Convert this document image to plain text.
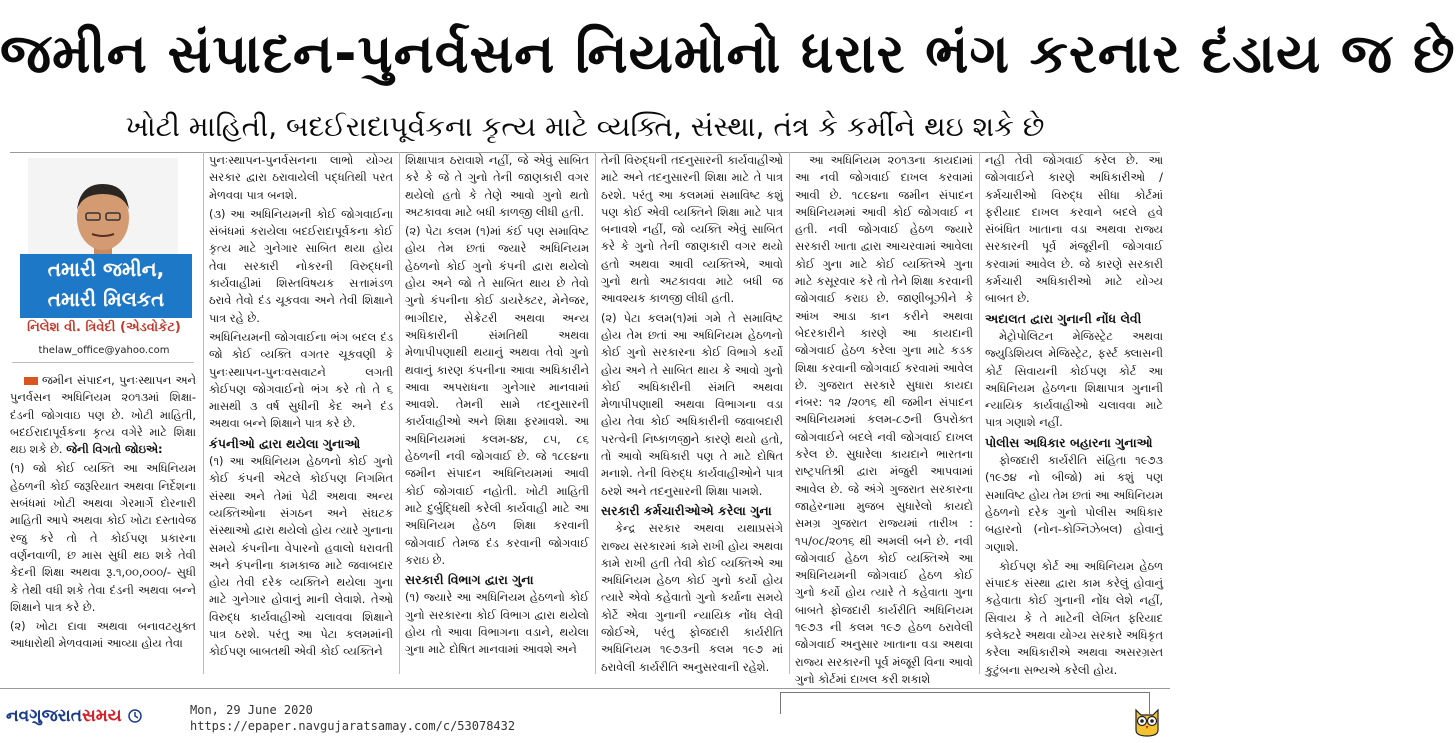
જમીન સંપાદન-પુનર્વસન નિયમોનો ધરાર ભંગ કરનાર દંડાય જ છે
ખોટી માહિતી, બદઈરાદાપૂર્વકના કૃત્ય માટે વ્યક્તિ, સંસ્થા, તંત્ર કે કર્મીને થઇ શકે છે
તમારી જમીન,
તમારી મિલકત
નિલેશ વી. ત્રિવેદી (એડવોકેટ)
thelaw_office@yahoo.com

જમીન સંપાદન, પુનઃસ્થાપન અને પુનર્વસન અધિનિયમ ૨૦૧૩માં શિક્ષા-દંડની જોગવાઇ પણ છે. ખોટી માહિતી, બદઈરાદાપૂર્વકના કૃત્ય વગેરે માટે શિક્ષા થઇ શકે છે. જેની વિગતો જોઇએ:

(૧) જો કોઈ વ્યક્તિ આ અધિનિયમ હેઠળની કોઈ જરૂરિયાત અથવા નિર્દેશના સબંધમાં ખોટી અથવા ગેરમાર્ગે દોરનારી માહિતી આપે અથવા કોઈ ખોટા દસ્તાવેજ રજુ કરે તો તે કોઈપણ પ્રકારના વર્ણનવાળી, છ માસ સુધી થઇ શકે તેવી કેદની શિક્ષા અથવા રૂ.૧,૦૦,૦૦૦/- સુધી કે તેથી વધી શકે તેવા દંડની અથવા બન્ને શિક્ષાને પાત્ર કરે છે.

(૨) ખોટા દાવા અથવા બનાવટયુક્ત આધારોથી મેળવવામાં આવ્યા હોય તેવા

પુનઃસ્થાપન-પુનર્વસનના લાભો યોગ્ય સરકાર દ્વારા ઠરાવાયેલી પદ્ધતિથી પરત મેળવવા પાત્ર બનશે.

(૩) આ અધિનિયમની કોઈ જોગવાઈના સંબંધમાં કરાયેલા બદઈરાદાપૂર્વકના કોઈ કૃત્ય માટે ગુનેગાર સાબિત થયા હોય તેવા સરકારી નોકરની વિરુદ્ધની કાર્યવાહીમાં શિસ્તવિષયક સત્તામંડળ ઠરાવે તેવો દંડ ચૂકવવા અને તેવી શિક્ષાને પાત્ર રહે છે.

અધિનિયમની જોગવાઈના ભંગ બદલ દંડ જો કોઈ વ્યક્તિ વગતર ચૂકવણી કે પુનઃસ્થાપન-પુનઃવસવાટને લગતી કોઈપણ જોગવાઈનો ભંગ કરે તો તે ૬ માસથી ૩ વર્ષ સુધીની કેદ અને દંડ અથવા બન્ને શિક્ષાને પાત્ર કરે છે.

કંપનીઓ દ્વારા થયેલા ગુનાઓ

(૧) આ અધિનિયમ હેઠળનો કોઈ ગુનો કોઈ કંપની એટલે કોઈપણ નિગમિત સંસ્થા અને તેમાં પેઢી અથવા અન્ય વ્યક્તિઓના સંગઠન અને સંઘટક સંસ્થાઓ દ્વારા થયેલો હોય ત્યારે ગુનાના સમયે કંપનીના વેપારનો હવાલો ધરાવતી અને કંપનીના કામકાજ માટે જવાબદાર હોય તેવી દરેક વ્યક્તિને થયેલા ગુના માટે ગુનેગાર હોવાનું માની લેવાશે. તેઓ વિરુદ્ધ કાર્યવાહીઓ ચલાવવા શિક્ષાને પાત્ર ઠરશે. પરંતુ આ પેટા કલમમાંની કોઈપણ બાબતથી એવી કોઈ વ્યક્તિને

શિક્ષાપાત્ર ઠરાવાશે નહીં, જે એવું સાબિત કરે કે જે તે ગુનો તેની જાણકારી વગર થયેલો હતો કે તેણે આવો ગુનો થતો અટકાવવા માટે બધી કાળજી લીધી હતી.

(૨) પેટા કલમ (૧)માં કંઈ પણ સમાવિષ્ટ હોય તેમ છતાં જ્યારે અધિનિયમ હેઠળનો કોઈ ગુનો કંપની દ્વારા થયેલો હોય અને જો તે સાબિત થાય છે તેવો ગુનો કંપનીના કોઈ ડાયરેક્ટર, મેનેજર, ભાગીદાર, સેક્રેટરી અથવા અન્ય અધિકારીની સંમતિથી અથવા મેળાપીપણાથી થયાનું અથવા તેવો ગુનો થવાનું કારણ કંપનીના આવા અધિકારીને આવા અપરાધના ગુનેગાર માનવામાં આવશે. તેમની સામે તદનુસારની કાર્યવાહીઓ અને શિક્ષા ફરમાવશે. આ અધિનિયમમાં કલમ-૪૪, ૮૫, ૮૬ હેઠળની નવી જોગવાઈ છે. જે ૧૮૯૪ના જમીન સંપાદન અધિનિયમમાં આવી કોઈ જોગવાઈ નહોતી. ખોટી માહિતી માટે દુર્બુદ્ધિથી કરેલી કાર્યવાહી માટે આ અધિનિયમ હેઠળ શિક્ષા કરવાની જોગવાઈ તેમજ દંડ કરવાની જોગવાઈ કરાઇ છે.

સરકારી વિભાગ દ્વારા ગુના

(૧) જ્યારે આ અધિનિયમ હેઠળનો કોઈ ગુનો સરકારના કોઈ વિભાગ દ્વારા થયેલો હોય તો આવા વિભાગના વડાને, થયેલા ગુના માટે દોષિત માનવામાં આવશે અને

તેની વિરુદ્ધની તદનુસારની કાર્યવાહીઓ માટે અને તદનુસારની શિક્ષા માટે તે પાત્ર ઠરશે. પરંતુ આ કલમમાં સમાવિષ્ટ કશું પણ કોઈ એવી વ્યક્તિને શિક્ષા માટે પાત્ર બનાવશે નહીં, જો વ્યક્તિ એવું સાબિત કરે કે ગુનો તેની જાણકારી વગર થયો હતો અથવા આવી વ્યક્તિએ, આવો ગુનો થતો અટકાવવા માટે બધી જ આવશ્યક કાળજી લીધી હતી.

(૨) પેટા કલમ(૧)માં ગમે તે સમાવિષ્ટ હોય તેમ છતાં આ અધિનિયમ હેઠળનો કોઈ ગુનો સરકારના કોઈ વિભાગે કર્યો હોય અને તે સાબિત થાય કે આવો ગુનો કોઈ અધિકારીની સંમતિ અથવા મેળાપીપણાથી અથવા વિભાગના વડા હોય તેવા કોઈ અધિકારીની જવાબદારી પરત્વેની નિષ્કાળજીને કારણે થયો હતો, તો આવો અધિકારી પણ તે માટે દોષિત મનાશે. તેની વિરુદ્ધ કાર્યવાહીઓને પાત્ર ઠરશે અને તદનુસારની શિક્ષા પામશે.

સરકારી કર્મચારીઓએ કરેલા ગુના

કેન્દ્ર સરકાર અથવા યથાપ્રસંગે રાજ્ય સરકારમાં કામે રાખી હોય અથવા કામે રાખી હતી તેવી કોઈ વ્યક્તિએ આ અધિનિયમ હેઠળ કોઈ ગુનો કર્યો હોય ત્યારે એવો કહેવાતો ગુનો કર્યાના સમયે કોર્ટે એવા ગુનાની ન્યાયિક નોંધ લેવી જોઈએ, પરંતુ ફોજદારી કાર્યરીતિ અધિનિયમ ૧૯૭૩ની કલમ ૧૯૭ માં ઠરાવેલી કાર્યરીતિ અનુસરવાની રહેશે.

આ અધિનિયમ ૨૦૧૩ના કાયદામાં આ નવી જોગવાઈ દાખલ કરવામાં આવી છે. ૧૮૯૪ના જમીન સંપાદન અધિનિયમમાં આવી કોઈ જોગવાઈ ન હતી. નવી જોગવાઈ હેઠળ જ્યારે સરકારી ખાતા દ્વારા આચરવામાં આવેલા કોઈ ગુના માટે કોઈ વ્યક્તિએ ગુના માટે કસૂરવાર કરે તો તેને શિક્ષા કરવાની જોગવાઈ કરાઇ છે. જાણીબૂઝીને કે આંખ આડા કાન કરીને અથવા બેદરકારીને કારણે આ કાયદાની જોગવાઈ હેઠળ કરેલા ગુના માટે કડક શિક્ષા કરવાની જોગવાઈ કરવામાં આવેલ છે. ગુજરાત સરકારે સુધારા કાયદા નંબર: ૧૨ /૨૦૧૬ થી જમીન સંપાદન અધિનિયમમાં કલમ-૮૭ની ઉપરોક્ત જોગવાઈને બદલે નવી જોગવાઈ દાખલ કરેલ છે. સુધારેલા કાયદાને ભારતના રાષ્ટ્રપતિશ્રી દ્વારા મંજુરી આપવામાં આવેલ છે. જે અંગે ગુજરાત સરકારના જાહેરનામા મુજબ સુધારેલો કાયદો સમગ્ર ગુજરાત રાજ્યમાં તારીખ : ૧૫/૦૮/૨૦૧૬ થી અમલી બને છે. નવી જોગવાઈ હેઠળ કોઈ વ્યક્તિએ આ અધિનિયમની જોગવાઈ હેઠળ કોઈ ગુનો કર્યો હોય ત્યારે તે કહેવાતા ગુના બાબતે ફોજદારી કાર્યરીતિ અધિનિયમ ૧૯૭૩ ની કલમ ૧૯૭ હેઠળ ઠરાવેલી જોગવાઈ અનુસાર ખાતાના વડા અથવા રાજ્ય સરકારની પૂર્વ મંજૂરી વિના આવો ગુનો કોર્ટમાં દાખલ કરી શકાશે

નહી તેવી જોગવાઈ કરેલ છે. આ જોગવાઈને કારણે અધિકારીઓ / કર્મચારીઓ વિરુદ્ધ સીધા કોર્ટમાં ફરીયાદ દાખલ કરવાને બદલે હવે સંબંધિત ખાતાના વડા અથવા રાજ્ય સરકારની પૂર્વ મંજૂરીની જોગવાઈ કરવામાં આવેલ છે. જે કારણે સરકારી કર્મચારી અધિકારીઓ માટે યોગ્ય બાબત છે.

અદાલત દ્વારા ગુનાની નોંધ લેવી

મેટ્રોપોલિટન મેજિસ્ટ્રેટ અથવા જ્યુડિશિયલ મેજિસ્ટ્રેટ, ફર્સ્ટ ક્લાસની કોર્ટ સિવાયની કોઈપણ કોર્ટ આ અધિનિયમ હેઠળના શિક્ષાપાત્ર ગુનાની ન્યાયિક કાર્યવાહીઓ ચલાવવા માટે પાત્ર ગણાશે નહીં.

પોલીસ અધિકાર બહારના ગુનાઓ

ફોજદારી કાર્યરીતિ સંહિતા ૧૯૭૩ (૧૯૭૪ નો બીજો) માં કશું પણ સમાવિષ્ટ હોય તેમ છતાં આ અધિનિયમ હેઠળનો દરેક ગુનો પોલીસ અધિકાર બહારનો (નોન-કોગ્નિઝેબલ) હોવાનું ગણાશે.

કોઈપણ કોર્ટ આ અધિનિયમ હેઠળ સંપાદક સંસ્થા દ્વારા કામ કરેલું હોવાનું કહેવાતા કોઈ ગુનાની નોંધ લેશે નહીં, સિવાય કે તે માટેની લેખિત ફરિયાદ કલેક્ટરે અથવા યોગ્ય સરકારે અધિકૃત કરેલા અધિકારીએ અથવા અસરગ્રસ્ત કુટુંબના સભ્યએ કરેલી હોય.

નવગુજરાતસમય	Mon, 29 June 2020
https://epaper.navgujaratsamay.com/c/53078432
